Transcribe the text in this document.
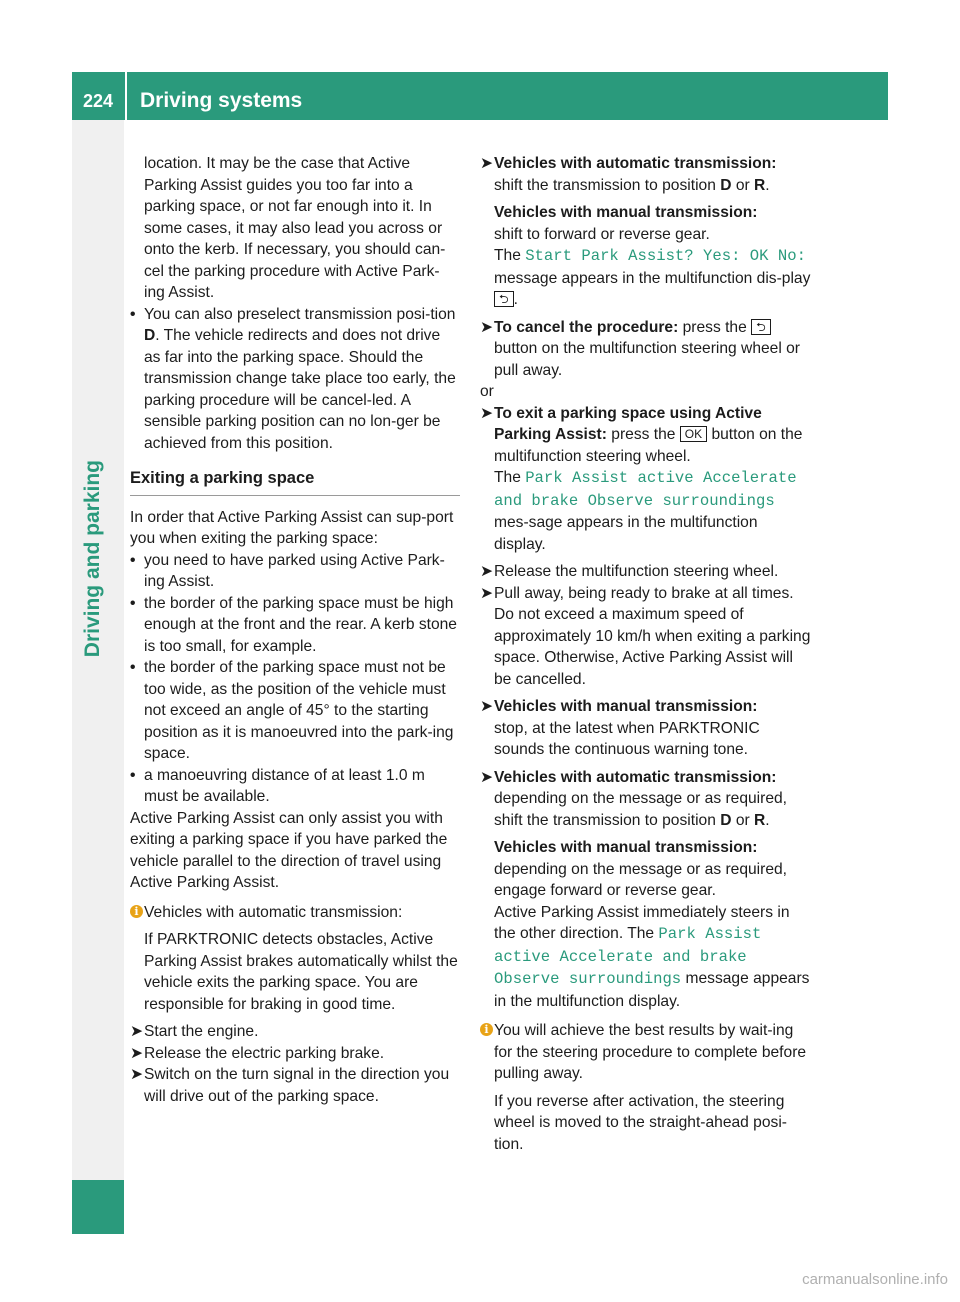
224	Driving systems
Driving and parking

location. It may be the case that Active Parking Assist guides you too far into a parking space, or not far enough into it. In some cases, it may also lead you across or onto the kerb. If necessary, you should can-cel the parking procedure with Active Park-ing Assist.

• You can also preselect transmission posi-tion D. The vehicle redirects and does not drive as far into the parking space. Should the transmission change take place too early, the parking procedure will be cancel-led. A sensible parking position can no lon-ger be achieved from this position.

Exiting a parking space

In order that Active Parking Assist can sup-port you when exiting the parking space:

• you need to have parked using Active Park-ing Assist.

• the border of the parking space must be high enough at the front and the rear. A kerb stone is too small, for example.

• the border of the parking space must not be too wide, as the position of the vehicle must not exceed an angle of 45° to the starting position as it is manoeuvred into the park-ing space.

• a manoeuvring distance of at least 1.0 m must be available.

Active Parking Assist can only assist you with exiting a parking space if you have parked the vehicle parallel to the direction of travel using Active Parking Assist.

i Vehicles with automatic transmission:

If PARKTRONIC detects obstacles, Active Parking Assist brakes automatically whilst the vehicle exits the parking space. You are responsible for braking in good time.

➤ Start the engine.

➤ Release the electric parking brake.

➤ Switch on the turn signal in the direction you will drive out of the parking space.

➤ Vehicles with automatic transmission:
shift the transmission to position D or R.

Vehicles with manual transmission:
shift to forward or reverse gear.
The Start Park Assist? Yes: OK No:
message appears in the multifunction dis-play ⮌ .

➤ To cancel the procedure: press the ⮌ button on the multifunction steering wheel or pull away.

or

➤ To exit a parking space using Active Parking Assist: press the OK button on the multifunction steering wheel.
The Park Assist active Accelerate and brake Observe surroundings mes-sage appears in the multifunction display.

➤ Release the multifunction steering wheel.

➤ Pull away, being ready to brake at all times. Do not exceed a maximum speed of approximately 10 km/h when exiting a parking space. Otherwise, Active Parking Assist will be cancelled.

➤ Vehicles with manual transmission:
stop, at the latest when PARKTRONIC sounds the continuous warning tone.

➤ Vehicles with automatic transmission:
depending on the message or as required, shift the transmission to position D or R.

Vehicles with manual transmission:
depending on the message or as required, engage forward or reverse gear.
Active Parking Assist immediately steers in the other direction. The Park Assist active Accelerate and brake Observe surroundings message appears in the multifunction display.

i You will achieve the best results by wait-ing for the steering procedure to complete before pulling away.

If you reverse after activation, the steering wheel is moved to the straight-ahead posi-tion.

carmanualsonline.info
